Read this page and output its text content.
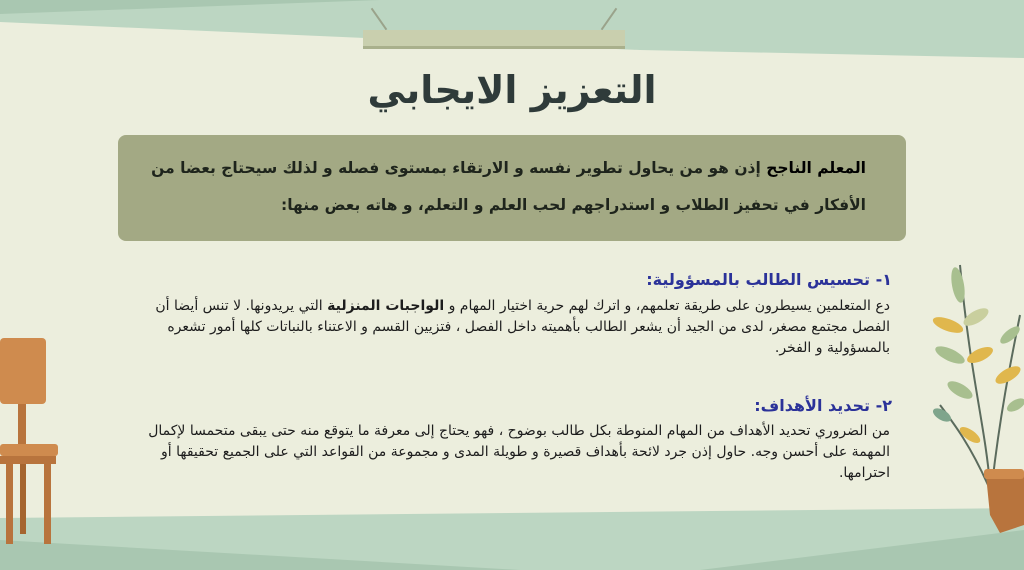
التعزيز الايجابي
المعلم الناجح إذن هو من يحاول تطوير نفسه و الارتقاء بمستوى فصله و لذلك سيحتاج بعضا من الأفكار في تحفيز الطلاب و استدراجهم لحب العلم و التعلم، و هاته بعض منها:
١- تحسيس الطالب بالمسؤولية:
دع المتعلمين يسيطرون على طريقة تعلمهم، و اترك لهم حرية اختيار المهام و الواجبات المنزلية التي يريدونها. لا تنس أيضا أن الفصل مجتمع مصغر، لدى من الجيد أن يشعر الطالب بأهميته داخل الفصل ، فتزيين القسم و الاعتناء بالنباتات كلها أمور تشعره بالمسؤولية و الفخر.
٢- تحديد الأهداف:
من الضروري تحديد الأهداف من المهام المنوطة بكل طالب بوضوح ، فهو يحتاج إلى معرفة ما يتوقع منه حتى يبقى متحمسا لإكمال المهمة على أحسن وجه. حاول إذن جرد لائحة بأهداف قصيرة و طويلة المدى و مجموعة من القواعد التي على الجميع تحقيقها أو احترامها.
